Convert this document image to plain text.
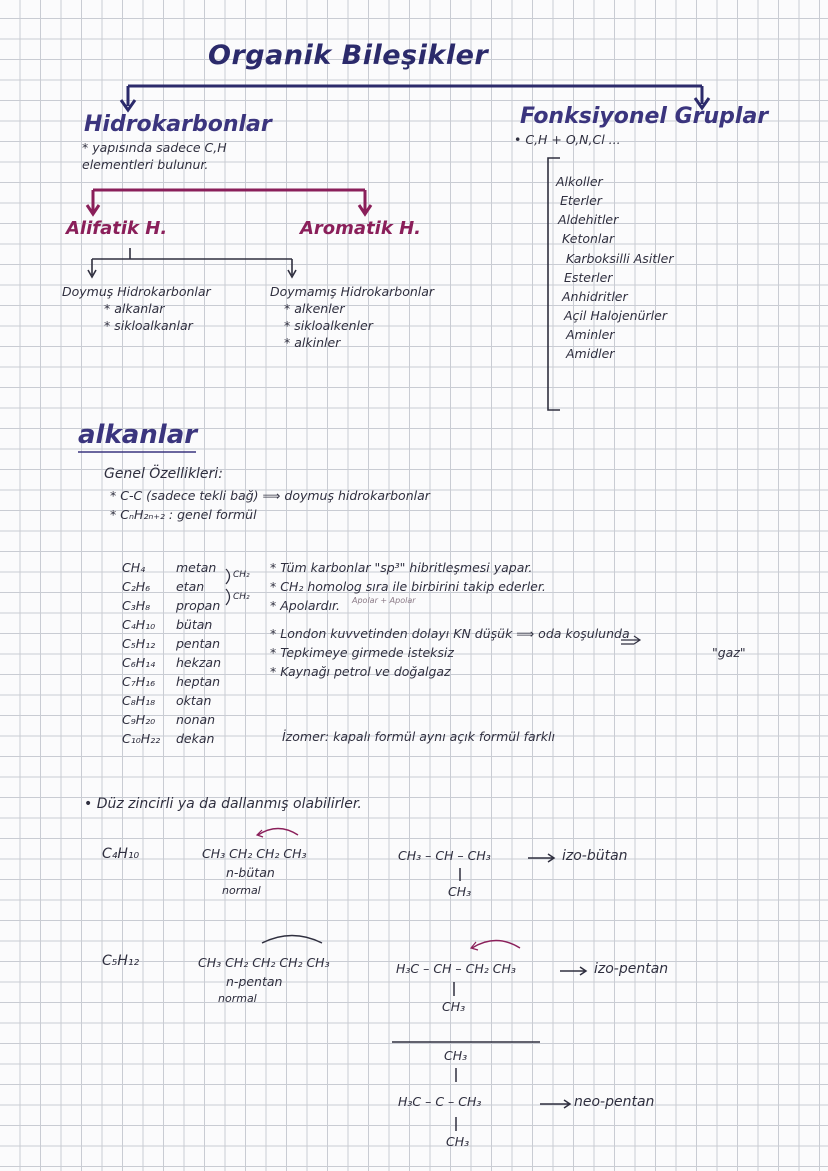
Organik Bileşikler
Hidrokarbonlar
* yapısında sadece C,H
elementleri bulunur.
Alifatik H.	Aromatik H.
Doymuş Hidrokarbonlar
* alkanlar
* sikloalkanlar
Doymamış Hidrokarbonlar
* alkenler
* sikloalkenler
* alkinler
Fonksiyonel Gruplar
• C,H + O,N,Cl ...
Alkoller
Eterler
Aldehitler
Ketonlar
Karboksilli Asitler
Esterler
Anhidritler
Açil Halojenürler
Aminler
Amidler
alkanlar
Genel Özellikleri:
* C-C (sadece tekli bağ) ⟹ doymuş hidrokarbonlar
* CₙH₂ₙ₊₂ : genel formül
CH₄ metan
C₂H₆ etan
C₃H₈ propan
C₄H₁₀ bütan
C₅H₁₂ pentan
C₆H₁₄ hekzan
C₇H₁₆ heptan
C₈H₁₈ oktan
C₉H₂₀ nonan
C₁₀H₂₂ dekan
CH₂
CH₂
* Tüm karbonlar "sp³" hibritleşmesi yapar.
* CH₂ homolog sıra ile birbirini takip ederler.
* Apolardır. Apolar + Apolar
* London kuvvetinden dolayı KN düşük ⟹ oda koşulunda
"gaz"
* Tepkimeye girmede isteksiz
* Kaynağı petrol ve doğalgaz
İzomer: kapalı formül aynı açık formül farklı
• Düz zincirli ya da dallanmış olabilirler.
C₄H₁₀	CH₃ CH₂ CH₂ CH₃
n-bütan
normal
CH₃ – CH – CH₃
CH₃
izo-bütan
C₅H₁₂	CH₃ CH₂ CH₂ CH₂ CH₃
n-pentan
normal
H₃C – CH – CH₂ CH₃
CH₃
izo-pentan
CH₃
H₃C – C – CH₃
CH₃
neo-pentan
